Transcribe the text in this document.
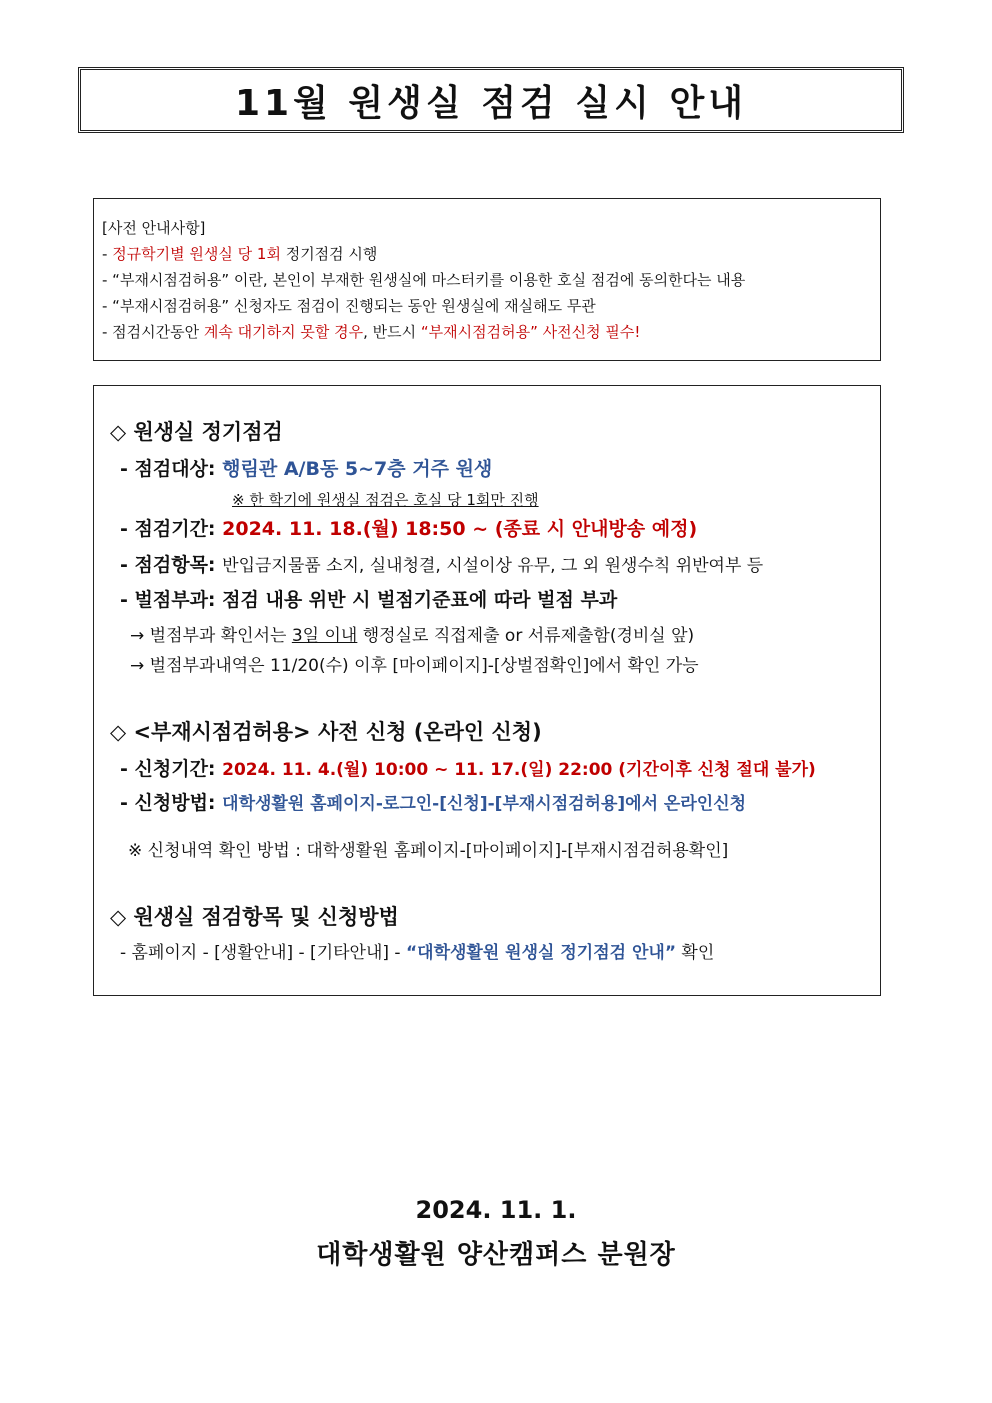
11월 원생실 점검 실시 안내
[사전 안내사항]
- 정규학기별 원생실 당 1회 정기점검 시행
- “부재시점검허용” 이란, 본인이 부재한 원생실에 마스터키를 이용한 호실 점검에 동의한다는 내용
- “부재시점검허용” 신청자도 점검이 진행되는 동안 원생실에 재실해도 무관
- 점검시간동안 계속 대기하지 못할 경우, 반드시 “부재시점검허용” 사전신청 필수!
◇ 원생실 정기점검
- 점검대상: 행림관 A/B동 5~7층 거주 원생
※ 한 학기에 원생실 점검은 호실 당 1회만 진행
- 점검기간: 2024. 11. 18.(월) 18:50 ~ (종료 시 안내방송 예정)
- 점검항목: 반입금지물품 소지, 실내청결, 시설이상 유무, 그 외 원생수칙 위반여부 등
- 벌점부과: 점검 내용 위반 시 벌점기준표에 따라 벌점 부과
→ 벌점부과 확인서는 3일 이내 행정실로 직접제출 or 서류제출함(경비실 앞)
→ 벌점부과내역은 11/20(수) 이후 [마이페이지]-[상벌점확인]에서 확인 가능
◇ <부재시점검허용> 사전 신청 (온라인 신청)
- 신청기간: 2024. 11. 4.(월) 10:00 ~ 11. 17.(일) 22:00 (기간이후 신청 절대 불가)
- 신청방법: 대학생활원 홈페이지-로그인-[신청]-[부재시점검허용]에서 온라인신청
※ 신청내역 확인 방법 : 대학생활원 홈페이지-[마이페이지]-[부재시점검허용확인]
◇ 원생실 점검항목 및 신청방법
- 홈페이지 - [생활안내] - [기타안내] - “대학생활원 원생실 정기점검 안내” 확인
2024. 11. 1.
대학생활원 양산캠퍼스 분원장
